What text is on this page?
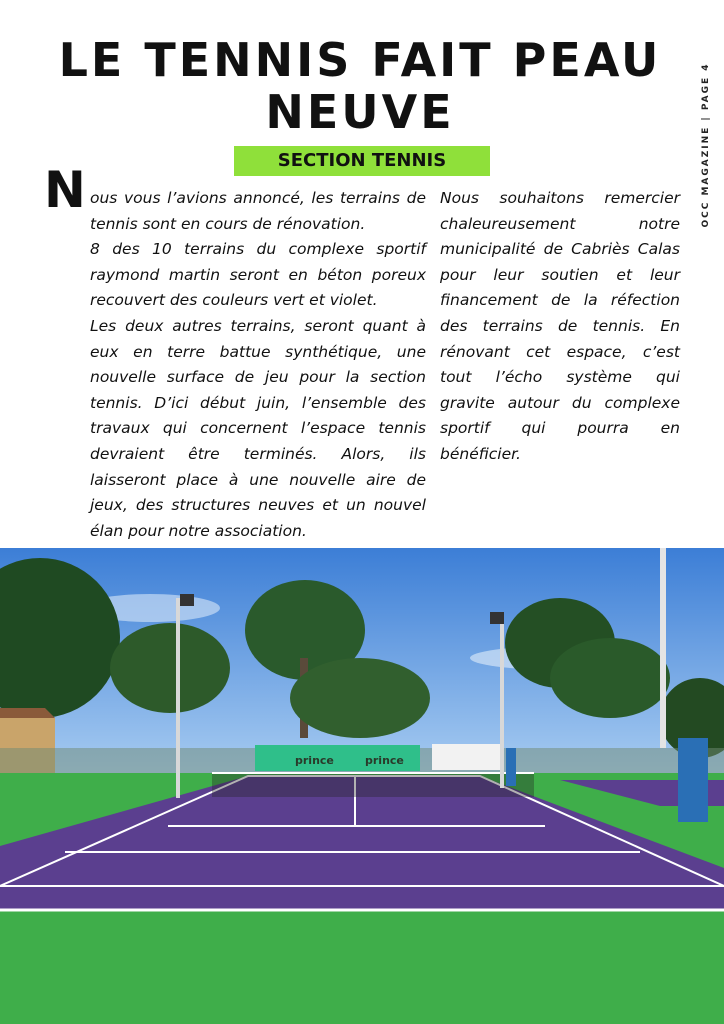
LE TENNIS FAIT PEAU NEUVE
SECTION TENNIS	OCC MAGAZINE | PAGE 4
N ous vous l’avions annoncé, les terrains de tennis sont en cours de rénovation.

8 des 10 terrains du complexe sportif raymond martin seront en béton poreux recouvert des couleurs vert et violet.

Les deux autres terrains, seront quant à eux en terre battue synthétique, une nouvelle surface de jeu pour la section tennis. D’ici début juin, l’ensemble des travaux qui concernent l’espace tennis devraient être terminés. Alors, ils laisseront place à une nouvelle aire de jeux, des structures neuves et un nouvel élan pour notre association.

Nous souhaitons remercier chaleureusement notre municipalité de Cabriès Calas pour leur soutien et leur financement de la réfection des terrains de tennis. En rénovant cet espace, c’est tout l’écho système qui gravite autour du complexe sportif qui pourra en bénéficier.

prince	prince
